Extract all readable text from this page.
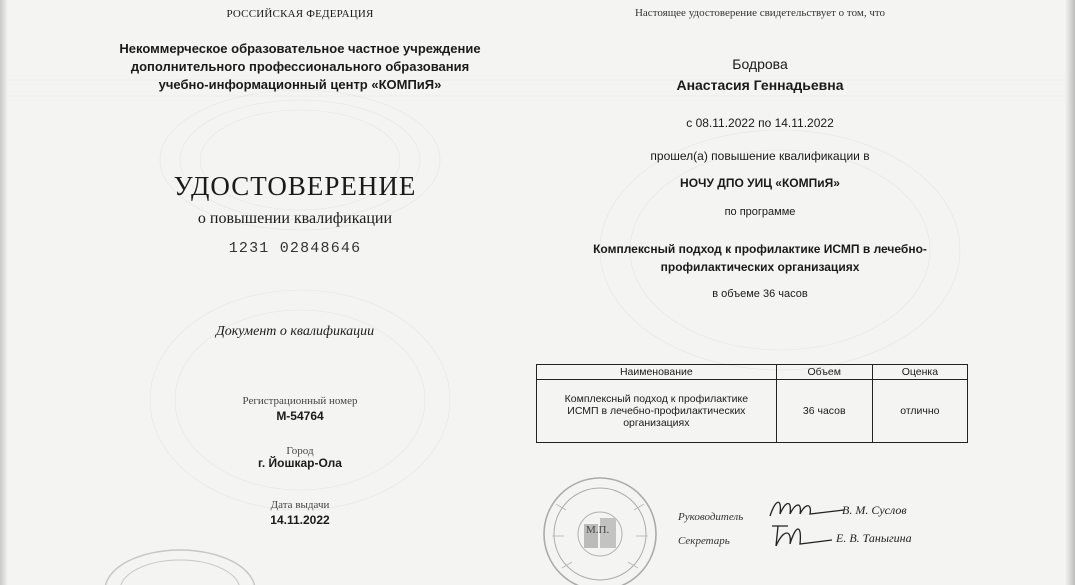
РОССИЙСКАЯ ФЕДЕРАЦИЯ
Некоммерческое образовательное частное учреждение
дополнительного профессионального образования
учебно-информационный центр «КОМПиЯ»
УДОСТОВЕРЕНИЕ
о повышении квалификации
1231 02848646
Документ о квалификации
Регистрационный номер
М-54764
Город
г. Йошкар-Ола
Дата выдачи
14.11.2022
Настоящее удостоверение свидетельствует о том, что
Бодрова
Анастасия Геннадьевна
с 08.11.2022 по 14.11.2022
прошел(а) повышение квалификации в
НОЧУ ДПО УИЦ «КОМПиЯ»
по программе
Комплексный подход к профилактике ИСМП в лечебно-
профилактических организациях
в объеме 36 часов
Наименование	Объем	Оценка

Комплексный подход к профилактике
ИСМП в лечебно-профилактических
организациях	36 часов	отлично
М.П.
Руководитель	В. М. Суслов
Секретарь	Е. В. Таныгина
